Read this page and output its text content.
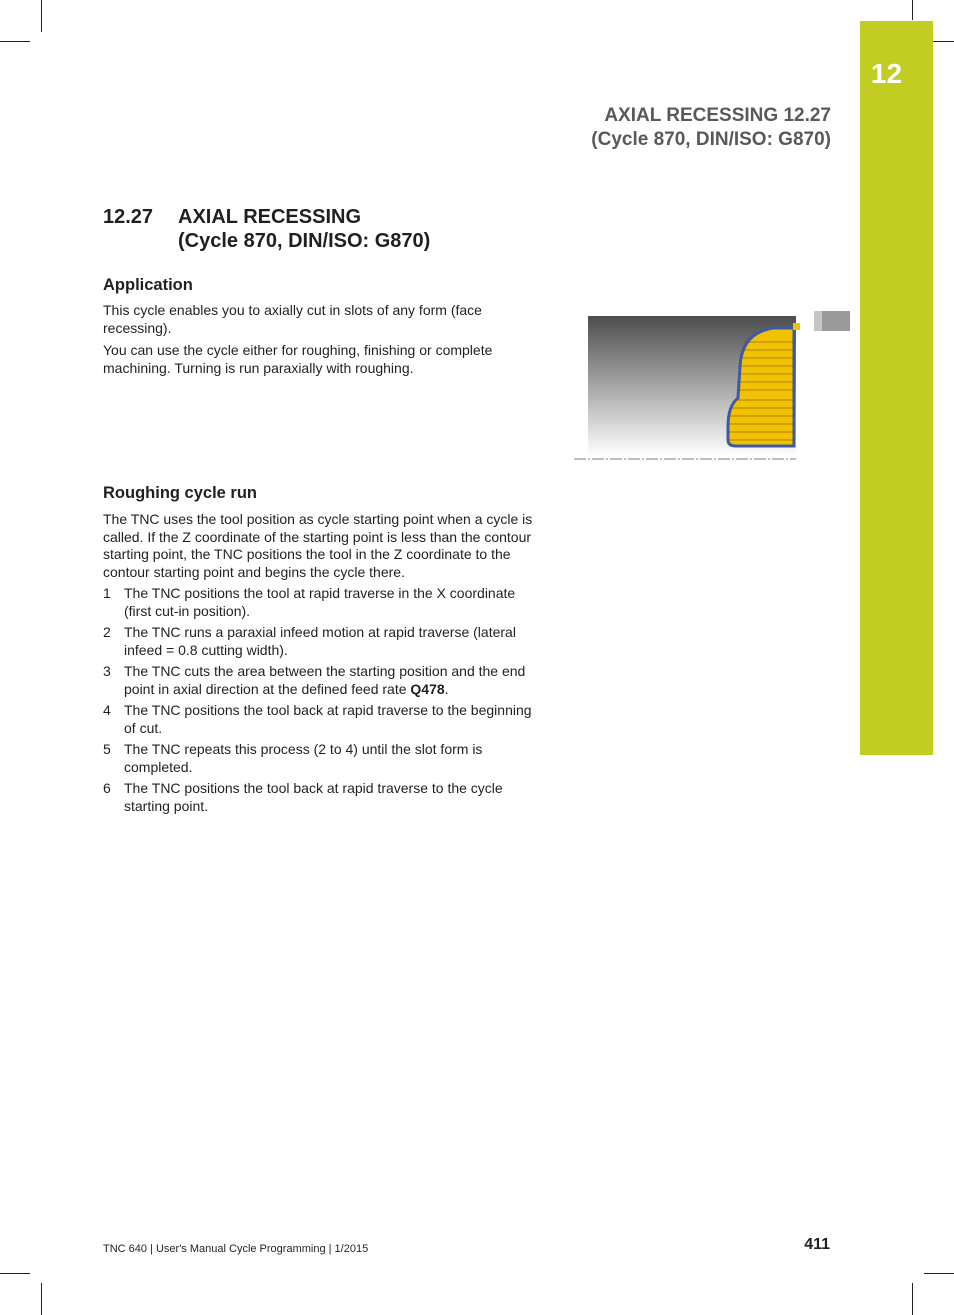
12
AXIAL RECESSING 12.27
(Cycle 870, DIN/ISO: G870)
12.27 AXIAL RECESSING
(Cycle 870, DIN/ISO: G870)
Application

This cycle enables you to axially cut in slots of any form (face recessing).

You can use the cycle either for roughing, finishing or complete machining. Turning is run paraxially with roughing.

Roughing cycle run

The TNC uses the tool position as cycle starting point when a cycle is called. If the Z coordinate of the starting point is less than the contour starting point, the TNC positions the tool in the Z coordinate to the contour starting point and begins the cycle there.

1 The TNC positions the tool at rapid traverse in the X coordinate (first cut-in position).
2 The TNC runs a paraxial infeed motion at rapid traverse (lateral infeed = 0.8 cutting width).
3 The TNC cuts the area between the starting position and the end point in axial direction at the defined feed rate Q478.
4 The TNC positions the tool back at rapid traverse to the beginning of cut.
5 The TNC repeats this process (2 to 4) until the slot form is completed.
6 The TNC positions the tool back at rapid traverse to the cycle starting point.
TNC 640 | User's Manual Cycle Programming | 1/2015	411
